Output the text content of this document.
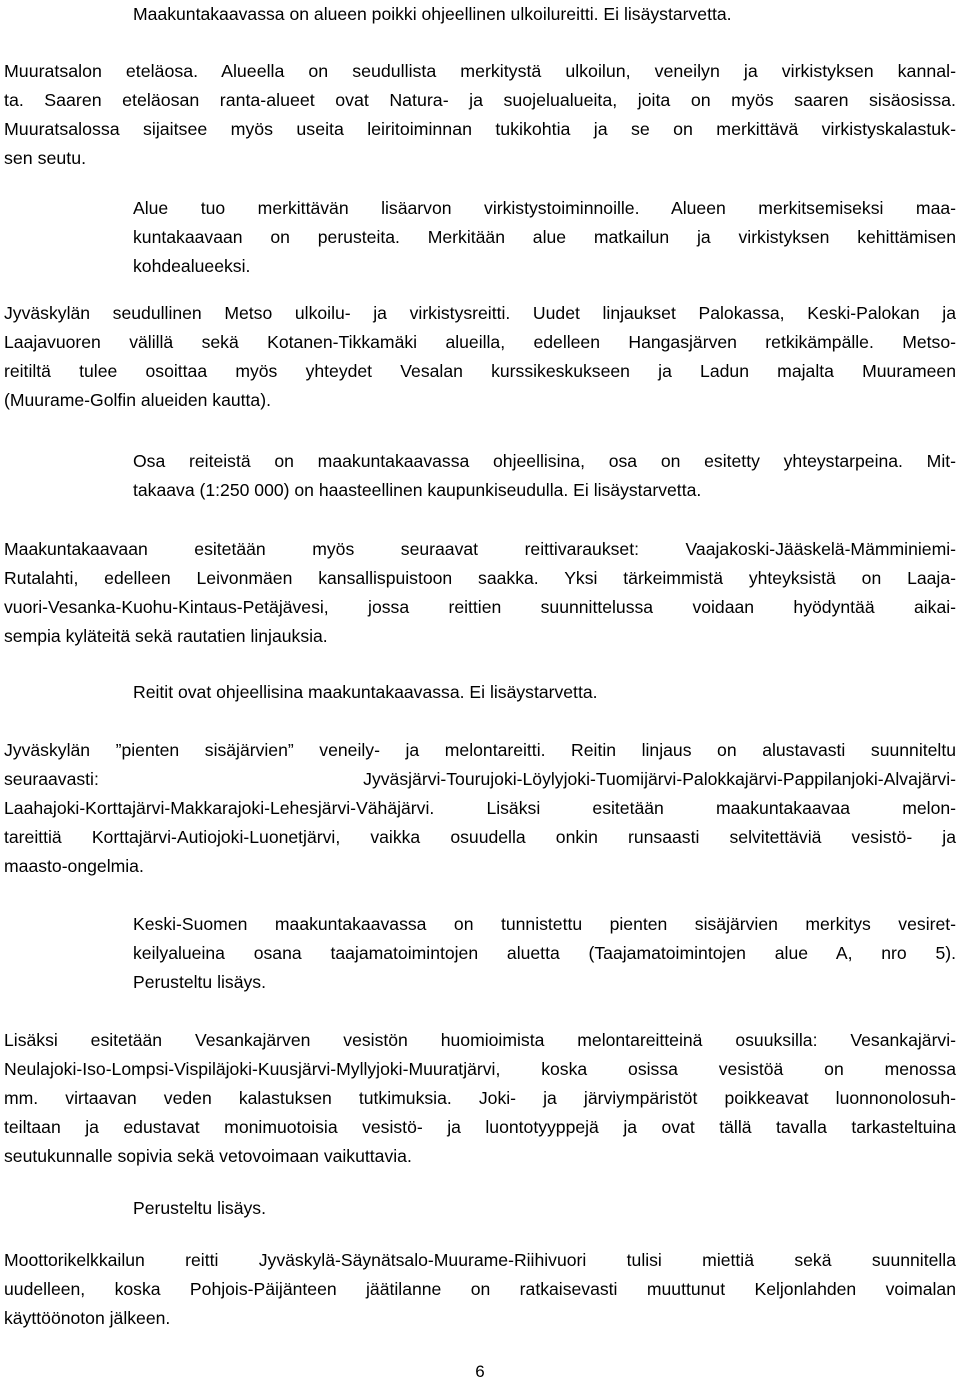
Maakuntakaavassa on alueen poikki ohjeellinen ulkoilureitti. Ei lisäystarvetta.

Muuratsalon eteläosa. Alueella on seudullista merkitystä ulkoilun, veneilyn ja virkistyksen kannal-
ta. Saaren eteläosan ranta-alueet ovat Natura- ja suojelualueita, joita on myös saaren sisäosissa.
Muuratsalossa sijaitsee myös useita leiritoiminnan tukikohtia ja se on merkittävä virkistyskalastuk-
sen seutu.

Alue tuo merkittävän lisäarvon virkistystoiminnoille. Alueen merkitsemiseksi maa-
kuntakaavaan on perusteita. Merkitään alue matkailun ja virkistyksen kehittämisen
kohdealueeksi.

Jyväskylän seudullinen Metso ulkoilu- ja virkistysreitti. Uudet linjaukset Palokassa, Keski-Palokan ja
Laajavuoren välillä sekä Kotanen-Tikkamäki alueilla, edelleen Hangasjärven retkikämpälle. Metso-
reitiltä tulee osoittaa myös yhteydet Vesalan kurssikeskukseen ja Ladun majalta Muurameen
(Muurame-Golfin alueiden kautta).

Osa reiteistä on maakuntakaavassa ohjeellisina, osa on esitetty yhteystarpeina. Mit-
takaava (1:250 000) on haasteellinen kaupunkiseudulla. Ei lisäystarvetta.

Maakuntakaavaan esitetään myös seuraavat reittivaraukset: Vaajakoski-Jääskelä-Mämminiemi-
Rutalahti, edelleen Leivonmäen kansallispuistoon saakka. Yksi tärkeimmistä yhteyksistä on Laaja-
vuori-Vesanka-Kuohu-Kintaus-Petäjävesi, jossa reittien suunnittelussa voidaan hyödyntää aikai-
sempia kyläteitä sekä rautatien linjauksia.

Reitit ovat ohjeellisina maakuntakaavassa. Ei lisäystarvetta.

Jyväskylän ”pienten sisäjärvien” veneily- ja melontareitti. Reitin linjaus on alustavasti suunniteltu
seuraavasti: Jyväsjärvi-Tourujoki-Löylyjoki-Tuomijärvi-Palokkajärvi-Pappilanjoki-Alvajärvi-
Laahajoki-Korttajärvi-Makkarajoki-Lehesjärvi-Vähäjärvi. Lisäksi esitetään maakuntakaavaa melon-
tareittiä Korttajärvi-Autiojoki-Luonetjärvi, vaikka osuudella onkin runsaasti selvitettäviä vesistö- ja
maasto-ongelmia.

Keski-Suomen maakuntakaavassa on tunnistettu pienten sisäjärvien merkitys vesiret-
keilyalueina osana taajamatoimintojen aluetta (Taajamatoimintojen alue A, nro 5).
Perusteltu lisäys.

Lisäksi esitetään Vesankajärven vesistön huomioimista melontareitteinä osuuksilla: Vesankajärvi-
Neulajoki-Iso-Lompsi-Vispiläjoki-Kuusjärvi-Myllyjoki-Muuratjärvi, koska osissa vesistöä on menossa
mm. virtaavan veden kalastuksen tutkimuksia. Joki- ja järviympäristöt poikkeavat luonnonolosuh-
teiltaan ja edustavat monimuotoisia vesistö- ja luontotyyppejä ja ovat tällä tavalla tarkasteltuina
seutukunnalle sopivia sekä vetovoimaan vaikuttavia.

Perusteltu lisäys.

Moottorikelkkailun reitti Jyväskylä-Säynätsalo-Muurame-Riihivuori tulisi miettiä sekä suunnitella
uudelleen, koska Pohjois-Päijänteen jäätilanne on ratkaisevasti muuttunut Keljonlahden voimalan
käyttöönoton jälkeen.

6
